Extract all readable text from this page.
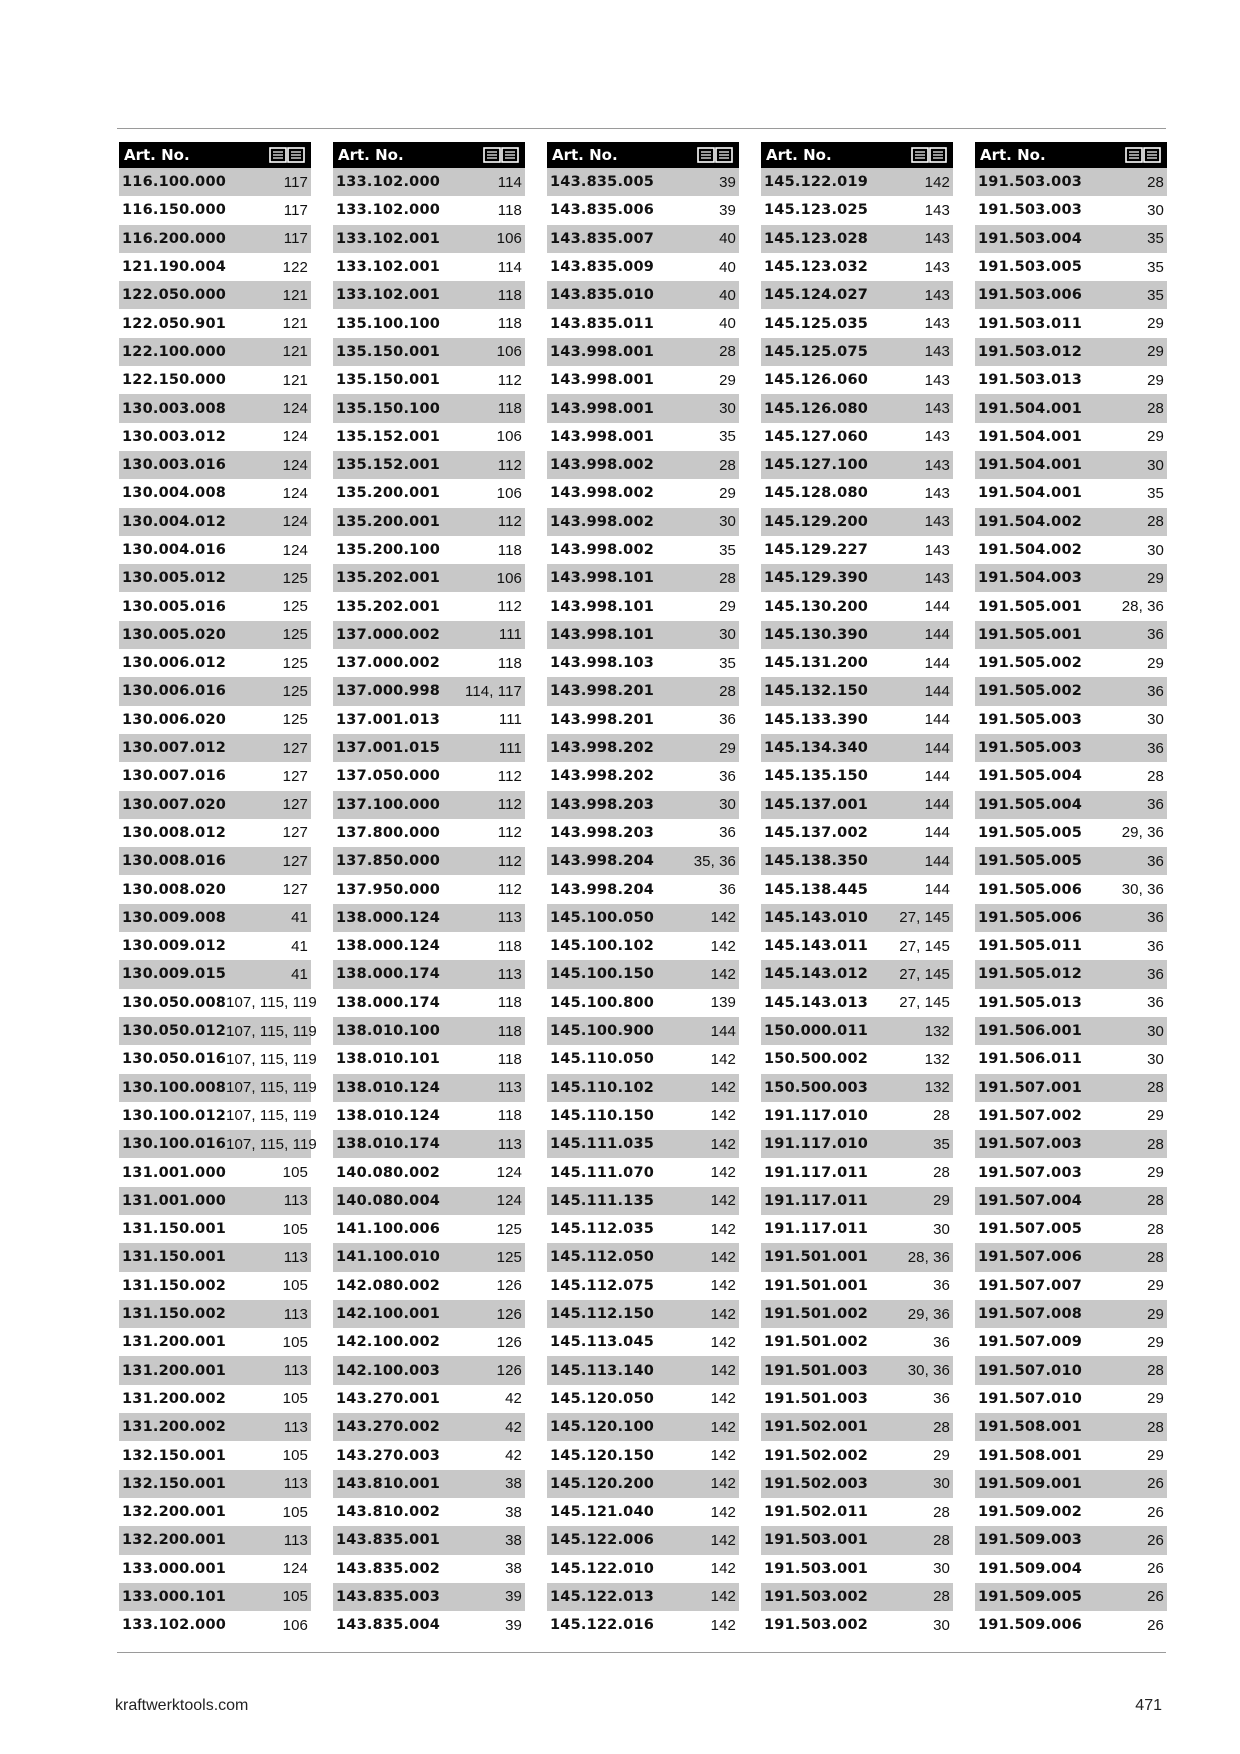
Art. No.
116.100.000	117
116.150.000	117
116.200.000	117
121.190.004	122
122.050.000	121
122.050.901	121
122.100.000	121
122.150.000	121
130.003.008	124
130.003.012	124
130.003.016	124
130.004.008	124
130.004.012	124
130.004.016	124
130.005.012	125
130.005.016	125
130.005.020	125
130.006.012	125
130.006.016	125
130.006.020	125
130.007.012	127
130.007.016	127
130.007.020	127
130.008.012	127
130.008.016	127
130.008.020	127
130.009.008	41
130.009.012	41
130.009.015	41
130.050.008 107, 115, 119
130.050.012 107, 115, 119
130.050.016 107, 115, 119
130.100.008 107, 115, 119
130.100.012 107, 115, 119
130.100.016 107, 115, 119
131.001.000	105
131.001.000	113
131.150.001	105
131.150.001	113
131.150.002	105
131.150.002	113
131.200.001	105
131.200.001	113
131.200.002	105
131.200.002	113
132.150.001	105
132.150.001	113
132.200.001	105
132.200.001	113
133.000.001	124
133.000.101	105
133.102.000	106
Art. No.
133.102.000	114
133.102.000	118
133.102.001	106
133.102.001	114
133.102.001	118
135.100.100	118
135.150.001	106
135.150.001	112
135.150.100	118
135.152.001	106
135.152.001	112
135.200.001	106
135.200.001	112
135.200.100	118
135.202.001	106
135.202.001	112
137.000.002	111
137.000.002	118
137.000.998 114, 117
137.001.013	111
137.001.015	111
137.050.000	112
137.100.000	112
137.800.000	112
137.850.000	112
137.950.000	112
138.000.124	113
138.000.124	118
138.000.174	113
138.000.174	118
138.010.100	118
138.010.101	118
138.010.124	113
138.010.124	118
138.010.174	113
140.080.002	124
140.080.004	124
141.100.006	125
141.100.010	125
142.080.002	126
142.100.001	126
142.100.002	126
142.100.003	126
143.270.001	42
143.270.002	42
143.270.003	42
143.810.001	38
143.810.002	38
143.835.001	38
143.835.002	38
143.835.003	39
143.835.004	39
Art. No.
143.835.005	39
143.835.006	39
143.835.007	40
143.835.009	40
143.835.010	40
143.835.011	40
143.998.001	28
143.998.001	29
143.998.001	30
143.998.001	35
143.998.002	28
143.998.002	29
143.998.002	30
143.998.002	35
143.998.101	28
143.998.101	29
143.998.101	30
143.998.103	35
143.998.201	28
143.998.201	36
143.998.202	29
143.998.202	36
143.998.203	30
143.998.203	36
143.998.204	35, 36
143.998.204	36
145.100.050	142
145.100.102	142
145.100.150	142
145.100.800	139
145.100.900	144
145.110.050	142
145.110.102	142
145.110.150	142
145.111.035	142
145.111.070	142
145.111.135	142
145.112.035	142
145.112.050	142
145.112.075	142
145.112.150	142
145.113.045	142
145.113.140	142
145.120.050	142
145.120.100	142
145.120.150	142
145.120.200	142
145.121.040	142
145.122.006	142
145.122.010	142
145.122.013	142
145.122.016	142
Art. No.
145.122.019	142
145.123.025	143
145.123.028	143
145.123.032	143
145.124.027	143
145.125.035	143
145.125.075	143
145.126.060	143
145.126.080	143
145.127.060	143
145.127.100	143
145.128.080	143
145.129.200	143
145.129.227	143
145.129.390	143
145.130.200	144
145.130.390	144
145.131.200	144
145.132.150	144
145.133.390	144
145.134.340	144
145.135.150	144
145.137.001	144
145.137.002	144
145.138.350	144
145.138.445	144
145.143.010 27, 145
145.143.011 27, 145
145.143.012 27, 145
145.143.013 27, 145
150.000.011	132
150.500.002	132
150.500.003	132
191.117.010	28
191.117.010	35
191.117.011	28
191.117.011	29
191.117.011	30
191.501.001	28, 36
191.501.001	36
191.501.002	29, 36
191.501.002	36
191.501.003	30, 36
191.501.003	36
191.502.001	28
191.502.002	29
191.502.003	30
191.502.011	28
191.503.001	28
191.503.001	30
191.503.002	28
191.503.002	30
Art. No.
191.503.003	28
191.503.003	30
191.503.004	35
191.503.005	35
191.503.006	35
191.503.011	29
191.503.012	29
191.503.013	29
191.504.001	28
191.504.001	29
191.504.001	30
191.504.001	35
191.504.002	28
191.504.002	30
191.504.003	29
191.505.001	28, 36
191.505.001	36
191.505.002	29
191.505.002	36
191.505.003	30
191.505.003	36
191.505.004	28
191.505.004	36
191.505.005	29, 36
191.505.005	36
191.505.006	30, 36
191.505.006	36
191.505.011	36
191.505.012	36
191.505.013	36
191.506.001	30
191.506.011	30
191.507.001	28
191.507.002	29
191.507.003	28
191.507.003	29
191.507.004	28
191.507.005	28
191.507.006	28
191.507.007	29
191.507.008	29
191.507.009	29
191.507.010	28
191.507.010	29
191.508.001	28
191.508.001	29
191.509.001	26
191.509.002	26
191.509.003	26
191.509.004	26
191.509.005	26
191.509.006	26
kraftwerktools.com	471
